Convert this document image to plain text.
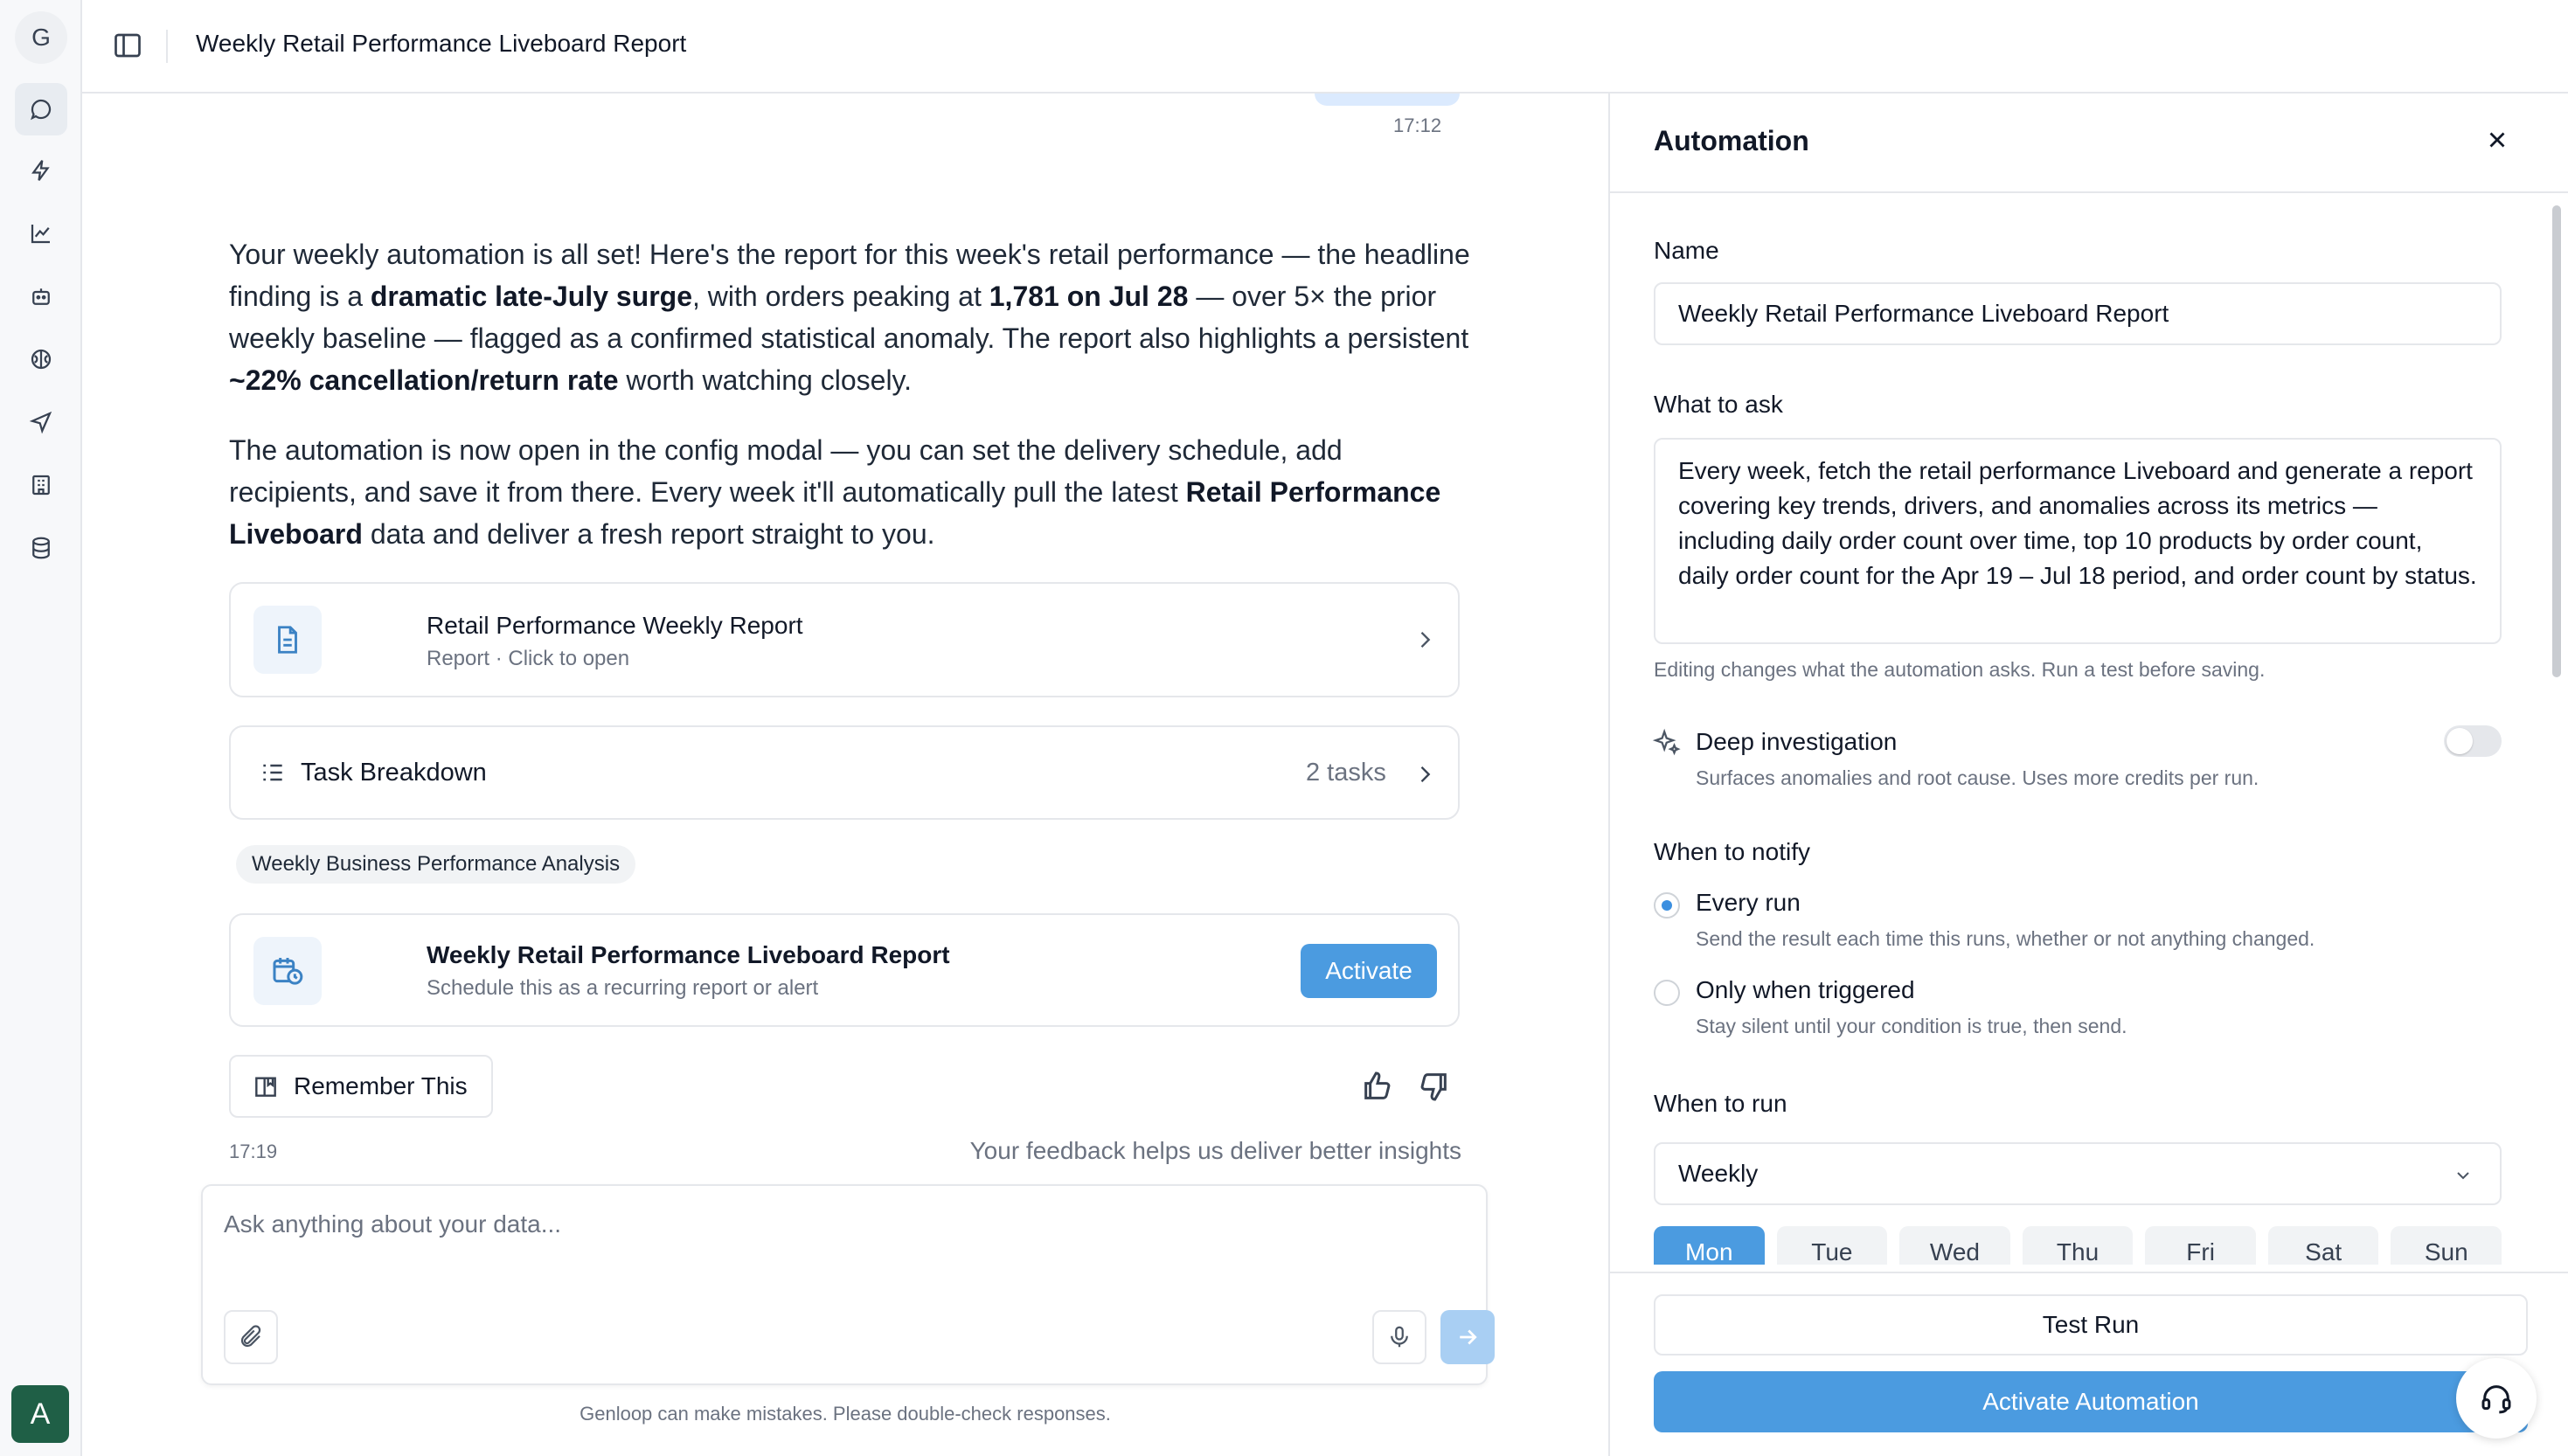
G
A
Weekly Retail Performance Liveboard Report
17:12
Your weekly automation is all set! Here's the report for this week's retail performance — the headline finding is a dramatic late-July surge, with orders peaking at 1,781 on Jul 28 — over 5× the prior weekly baseline — flagged as a confirmed statistical anomaly. The report also highlights a persistent ~22% cancellation/return rate worth watching closely.
The automation is now open in the config modal — you can set the delivery schedule, add recipients, and save it from there. Every week it'll automatically pull the latest Retail Performance Liveboard data and deliver a fresh report straight to you.
Retail Performance Weekly Report
Report · Click to open
Task Breakdown	2 tasks
Weekly Business Performance Analysis
Weekly Retail Performance Liveboard Report
Schedule this as a recurring report or alert
Activate
Remember This
17:19	Your feedback helps us deliver better insights
Ask anything about your data...
Genloop can make mistakes. Please double-check responses.
Automation
Name
Weekly Retail Performance Liveboard Report
What to ask
Every week, fetch the retail performance Liveboard and generate a report covering key trends, drivers, and anomalies across its metrics — including daily order count over time, top 10 products by order count, daily order count for the Apr 19 – Jul 18 period, and order count by status.
Editing changes what the automation asks. Run a test before saving.
Deep investigation
Surfaces anomalies and root cause. Uses more credits per run.
When to notify
Every run
Send the result each time this runs, whether or not anything changed.
Only when triggered
Stay silent until your condition is true, then send.
When to run
Weekly
Mon	Tue	Wed	Thu	Fri	Sat	Sun
Test Run
Activate Automation
